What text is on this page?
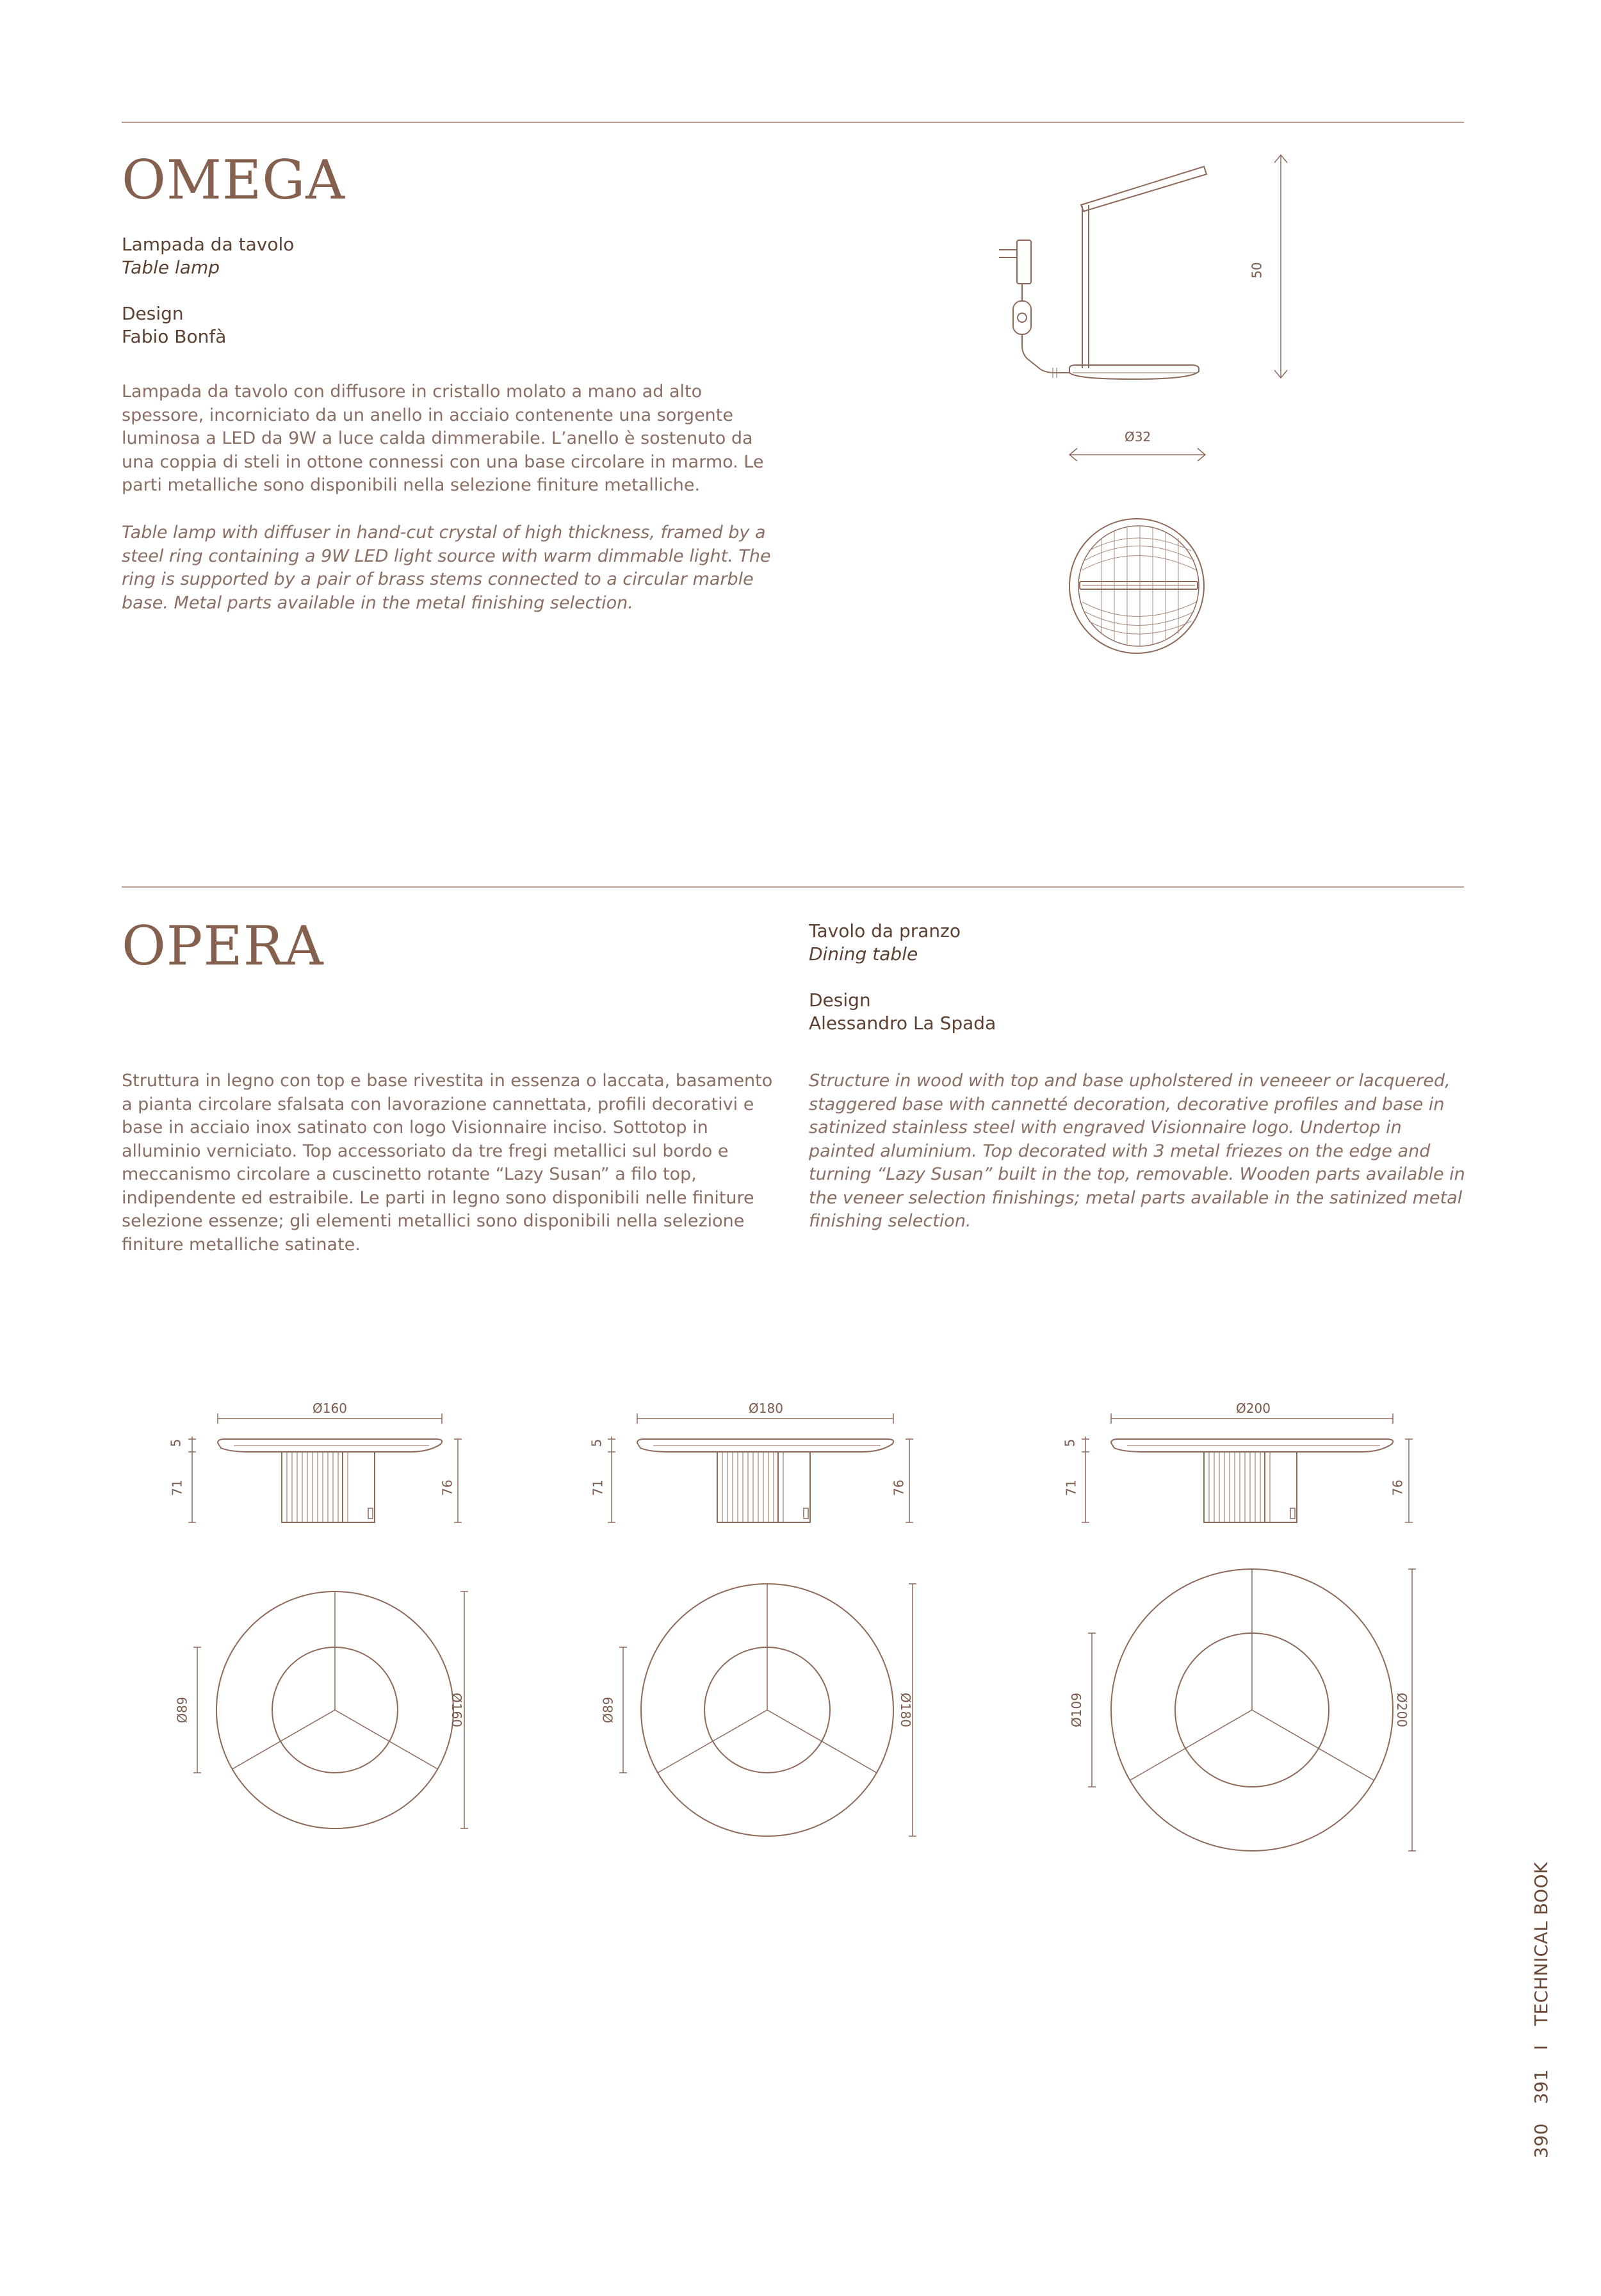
OMEGA
Lampada da tavolo
Table lamp
Design
Fabio Bonfà

Lampada da tavolo con diffusore in cristallo molato a mano ad alto spessore, incorniciato da un anello in acciaio contenente una sorgente luminosa a LED da 9W a luce calda dimmerabile. L’anello è sostenuto da una coppia di steli in ottone connessi con una base circolare in marmo. Le parti metalliche sono disponibili nella selezione finiture metalliche.

Table lamp with diffuser in hand-cut crystal of high thickness, framed by a steel ring containing a 9W LED light source with warm dimmable light. The ring is supported by a pair of brass stems connected to a circular marble base. Metal parts available in the metal finishing selection.

50
Ø32
OPERA	Tavolo da pranzo
Dining table
Design
Alessandro La Spada

Struttura in legno con top e base rivestita in essenza o laccata, basamento a pianta circolare sfalsata con lavorazione cannettata, profili decorativi e base in acciaio inox satinato con logo Visionnaire inciso. Sottotop in alluminio verniciato. Top accessoriato da tre fregi metallici sul bordo e meccanismo circolare a cuscinetto rotante “Lazy Susan” a filo top, indipendente ed estraibile. Le parti in legno sono disponibili nelle finiture selezione essenze; gli elementi metallici sono disponibili nella selezione finiture metalliche satinate.

Structure in wood with top and base upholstered in veneeer or lacquered, staggered base with cannetté decoration, decorative profiles and base in satinized stainless steel with engraved Visionnaire logo. Undertop in painted aluminium. Top decorated with 3 metal friezes on the edge and turning “Lazy Susan” built in the top, removable. Wooden parts available in the veneer selection finishings; metal parts available in the satinized metal finishing selection.

Ø160
5
71	76
Ø89	Ø160
Ø180
5
71	76
Ø89	Ø180
Ø200
5
71	76
Ø109	Ø200
390 391 I TECHNICAL BOOK
